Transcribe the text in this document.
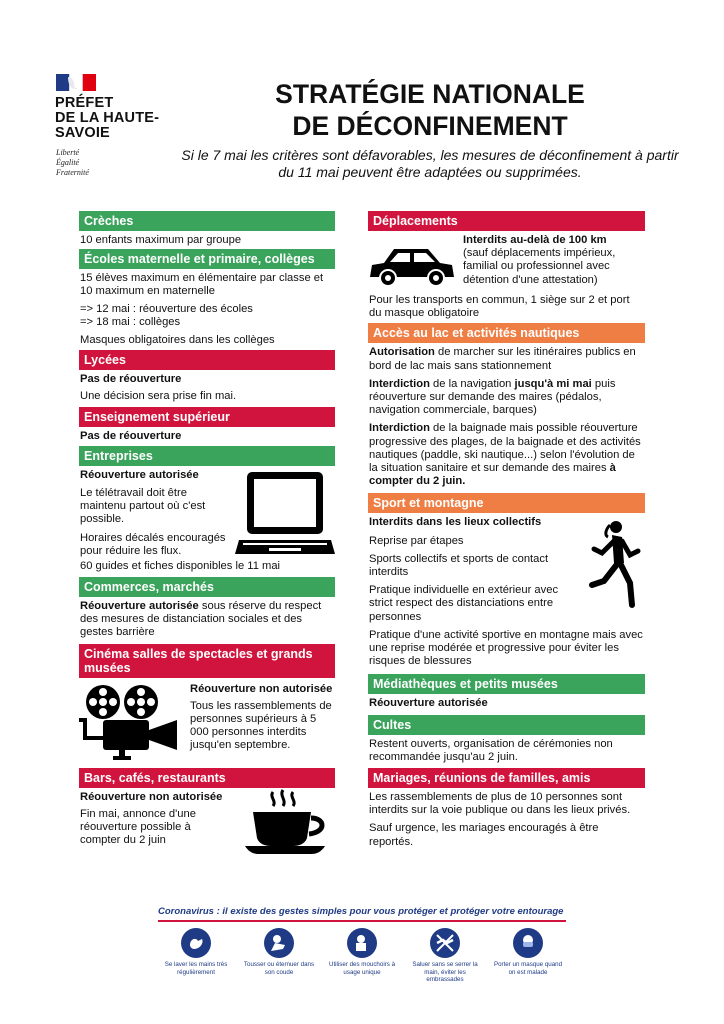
PRÉFET
DE LA HAUTE-
SAVOIE
Liberté
Égalité
Fraternité
STRATÉGIE NATIONALE
DE DÉCONFINEMENT
Si le 7 mai les critères sont défavorables, les mesures de déconfinement à partir du 11 mai peuvent être adaptées ou supprimées.
Crèches
10 enfants maximum par groupe
Écoles maternelle et primaire, collèges
15 élèves maximum en élémentaire par classe et 10 maximum en maternelle
=> 12 mai : réouverture des écoles
=> 18 mai : collèges
Masques obligatoires dans les collèges
Lycées
Pas de réouverture
Une décision sera prise fin mai.
Enseignement supérieur
Pas de réouverture
Entreprises
Réouverture autorisée
Le télétravail doit être maintenu partout où c'est possible.
Horaires décalés encouragés pour réduire les flux.
60 guides et fiches disponibles le 11 mai
Commerces, marchés
Réouverture autorisée sous réserve du respect des mesures de distanciation sociales et des gestes barrière
Cinéma salles de spectacles et grands musées
Réouverture non autorisée
Tous les rassemblements de personnes supérieurs à 5 000 personnes interdits jusqu'en septembre.
Bars, cafés, restaurants
Réouverture non autorisée
Fin mai, annonce d'une réouverture possible à compter du 2 juin
Déplacements
Interdits au-delà de 100 km
(sauf déplacements impérieux, familial ou professionnel avec détention d'une attestation)
Pour les transports en commun, 1 siège sur 2 et port du masque obligatoire
Accès au lac et activités nautiques
Autorisation de marcher sur les itinéraires publics en bord de lac mais sans stationnement
Interdiction de la navigation jusqu'à mi mai puis réouverture sur demande des maires (pédalos, navigation commerciale, barques)
Interdiction de la baignade mais possible réouverture progressive des plages, de la baignade et des activités nautiques (paddle, ski nautique...) selon l'évolution de la situation sanitaire et sur demande des maires à compter du 2 juin.
Sport et montagne
Interdits dans les lieux collectifs
Reprise par étapes
Sports collectifs et sports de contact interdits
Pratique individuelle en extérieur avec strict respect des distanciations entre personnes
Pratique d'une activité sportive en montagne mais avec une reprise modérée et progressive pour éviter les risques de blessures
Médiathèques et petits musées
Réouverture autorisée
Cultes
Restent ouverts, organisation de cérémonies non recommandée jusqu'au 2 juin.
Mariages, réunions de familles, amis
Les rassemblements de plus de 10 personnes sont interdits sur la voie publique ou dans les lieux privés.
Sauf urgence, les mariages encouragés à être reportés.
Coronavirus : il existe des gestes simples pour vous protéger et protéger votre entourage
Se laver les mains très régulièrement
Tousser ou éternuer dans son coude
Utiliser des mouchoirs à usage unique
Saluer sans se serrer la main, éviter les embrassades
Porter un masque quand on est malade
